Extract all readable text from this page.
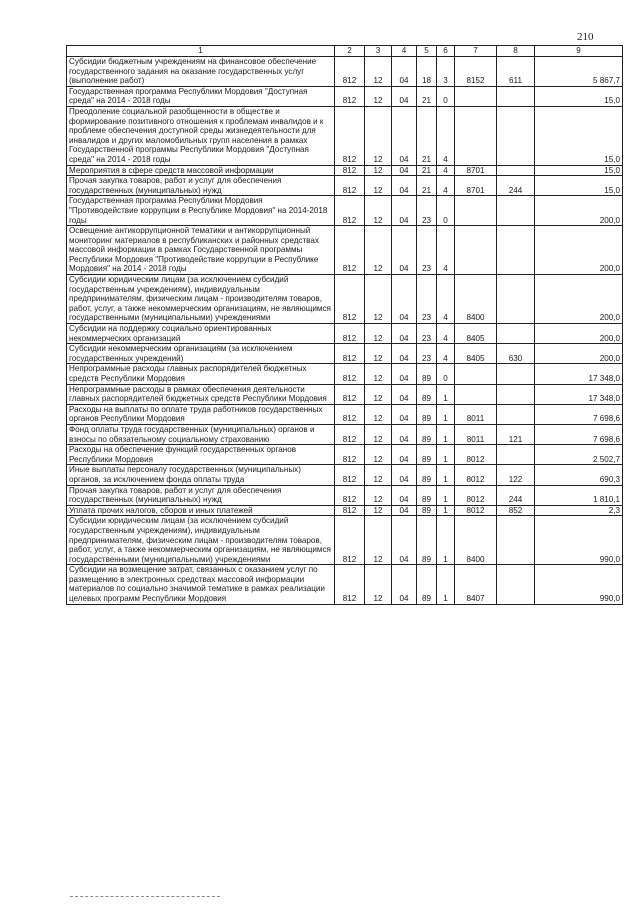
210
1	2	3	4	5	6	7	8	9
Субсидии бюджетным учреждениям на финансовое обеспечение государственного задания на оказание государственных услуг (выполнение работ)	812	12	04	18	3	8152	611	5 867,7
Государственная программа Республики Мордовия "Доступная среда" на 2014 - 2018 годы	812	12	04	21	0			15,0
Преодоление социальной разобщенности в обществе и формирование позитивного отношения к проблемам инвалидов и к проблеме обеспечения доступной среды жизнедеятельности для инвалидов и других маломобильных групп населения в рамках Государственной программы Республики Мордовия "Доступная среда" на 2014 - 2018 годы	812	12	04	21	4			15,0
Мероприятия в сфере средств массовой информации	812	12	04	21	4	8701		15,0
Прочая закупка товаров, работ и услуг для обеспечения государственных (муниципальных) нужд	812	12	04	21	4	8701	244	15,0
Государственная программа Республики Мордовия "Противодействие коррупции в Республике Мордовия" на 2014-2018 годы	812	12	04	23	0			200,0
Освещение антикоррупционной тематики и антикоррупционный мониторинг материалов в республиканских и районных средствах массовой информации в рамках Государственной программы Республики Мордовия "Противодействие коррупции в Республике Мордовия" на 2014 - 2018 годы	812	12	04	23	4			200,0
Субсидии юридическим лицам (за исключением субсидий государственным учреждениям), индивидуальным предпринимателям, физическим лицам - производителям товаров, работ, услуг, а также некоммерческим организациям, не являющимся государственными (муниципальными) учреждениями	812	12	04	23	4	8400		200,0
Субсидии на поддержку социально ориентированных некоммерческих организаций	812	12	04	23	4	8405		200,0
Субсидии некоммерческим организациям (за исключением государственных учреждений)	812	12	04	23	4	8405	630	200,0
Непрограммные расходы главных распорядителей бюджетных средств Республики Мордовия	812	12	04	89	0			17 348,0
Непрограммные расходы в рамках обеспечения деятельности главных распорядителей бюджетных средств Республики Мордовия	812	12	04	89	1			17 348,0
Расходы на выплаты по оплате труда работников государственных органов Республики Мордовия	812	12	04	89	1	8011		7 698,6
Фонд оплаты труда государственных (муниципальных) органов и взносы по обязательному социальному страхованию	812	12	04	89	1	8011	121	7 698,6
Расходы на обеспечение функций государственных органов Республики Мордовия	812	12	04	89	1	8012		2 502,7
Иные выплаты персоналу государственных (муниципальных) органов, за исключением фонда оплаты труда	812	12	04	89	1	8012	122	690,3
Прочая закупка товаров, работ и услуг для обеспечения государственных (муниципальных) нужд	812	12	04	89	1	8012	244	1 810,1
Уплата прочих налогов, сборов и иных платежей	812	12	04	89	1	8012	852	2,3
Субсидии юридическим лицам (за исключением субсидий государственным учреждениям), индивидуальным предпринимателям, физическим лицам - производителям товаров, работ, услуг, а также некоммерческим организациям, не являющимся государственными (муниципальными) учреждениями	812	12	04	89	1	8400		990,0
Субсидии на возмещение затрат, связанных с оказанием услуг по размещению в электронных средствах массовой информации материалов по социально значимой тематике в рамках реализации целевых программ Республики Мордовия	812	12	04	89	1	8407		990,0
